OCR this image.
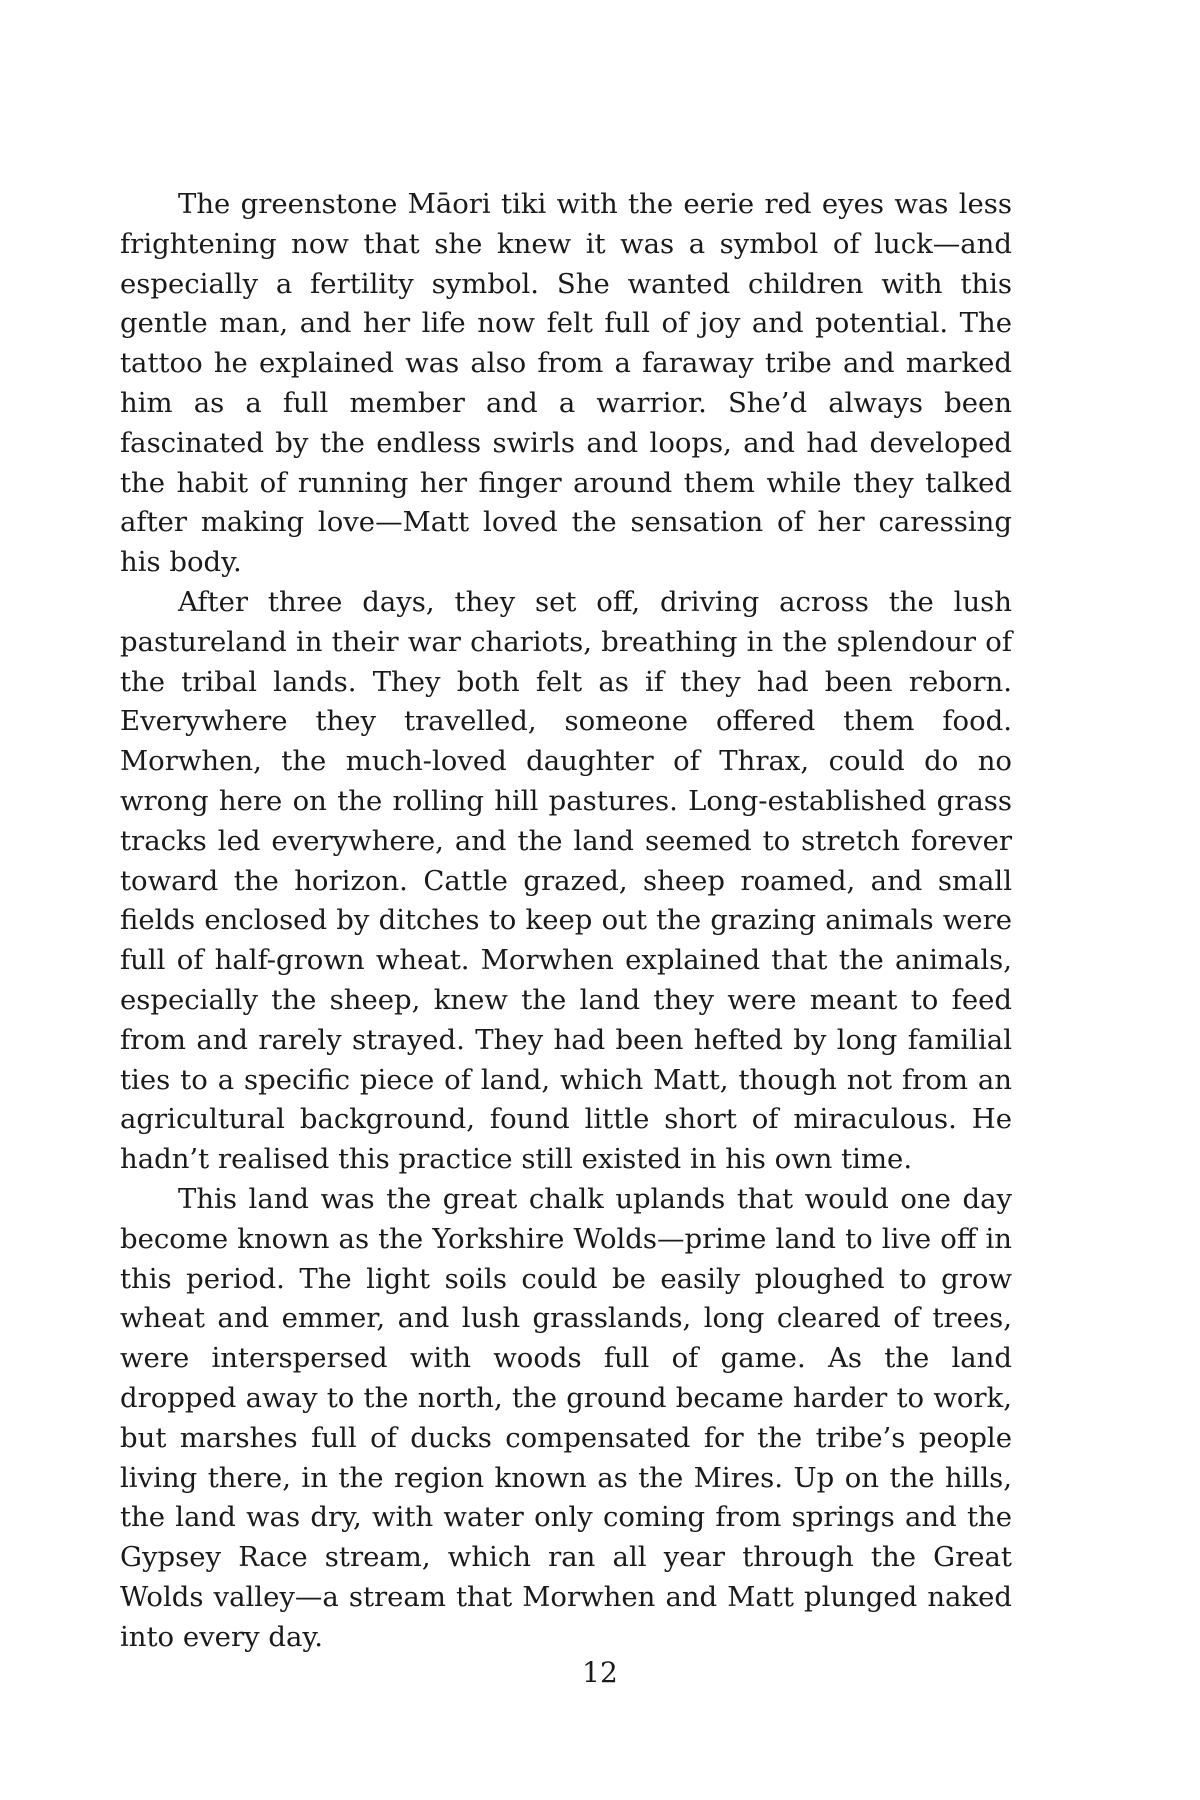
The greenstone Māori tiki with the eerie red eyes was less frightening now that she knew it was a symbol of luck—and especially a fertility symbol. She wanted children with this gentle man, and her life now felt full of joy and potential. The tattoo he explained was also from a faraway tribe and marked him as a full member and a warrior. She’d always been fascinated by the endless swirls and loops, and had developed the habit of running her finger around them while they talked after making love—Matt loved the sensation of her caressing his body.

After three days, they set off, driving across the lush pastureland in their war chariots, breathing in the splendour of the tribal lands. They both felt as if they had been reborn. Everywhere they travelled, someone offered them food. Morwhen, the much-loved daughter of Thrax, could do no wrong here on the rolling hill pastures. Long-established grass tracks led everywhere, and the land seemed to stretch forever toward the horizon. Cattle grazed, sheep roamed, and small fields enclosed by ditches to keep out the grazing animals were full of half-grown wheat. Morwhen explained that the animals, especially the sheep, knew the land they were meant to feed from and rarely strayed. They had been hefted by long familial ties to a specific piece of land, which Matt, though not from an agricultural background, found little short of miraculous. He hadn’t realised this practice still existed in his own time.

This land was the great chalk uplands that would one day become known as the Yorkshire Wolds—prime land to live off in this period. The light soils could be easily ploughed to grow wheat and emmer, and lush grasslands, long cleared of trees, were interspersed with woods full of game. As the land dropped away to the north, the ground became harder to work, but marshes full of ducks compensated for the tribe’s people living there, in the region known as the Mires. Up on the hills, the land was dry, with water only coming from springs and the Gypsey Race stream, which ran all year through the Great Wolds valley—a stream that Morwhen and Matt plunged naked into every day.

12
